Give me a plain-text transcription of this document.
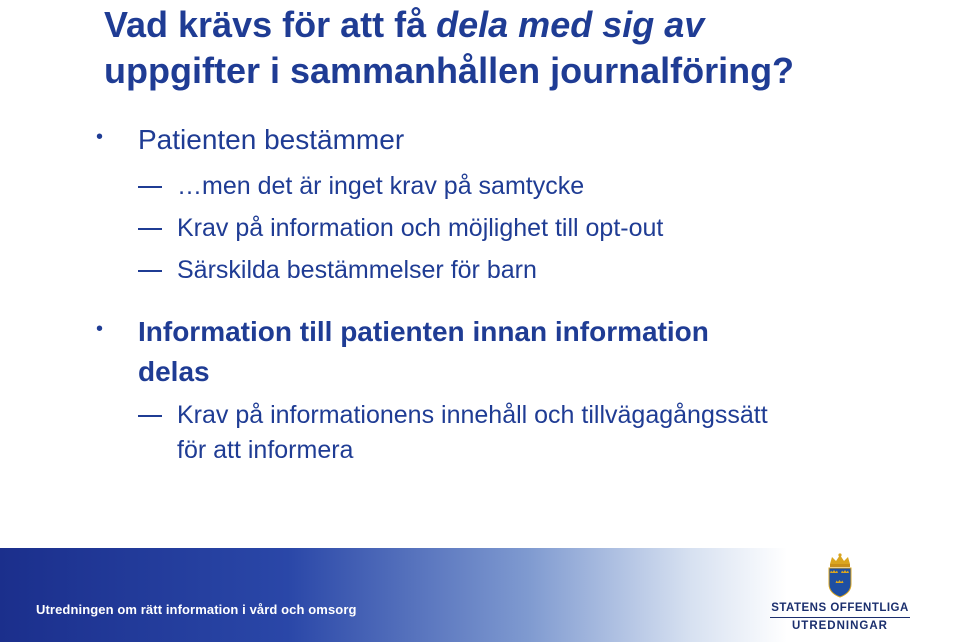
Vad krävs för att få dela med sig av
uppgifter i sammanhållen journalföring?
• Patienten bestämmer
…men det är inget krav på samtycke
Krav på information och möjlighet till opt-out
Särskilda bestämmelser för barn
• Information till patienten innan information
delas
Krav på informationens innehåll och tillvägagångssätt
för att informera
Utredningen om rätt information i vård och omsorg	STATENS OFFENTLIGA
UTREDNINGAR
